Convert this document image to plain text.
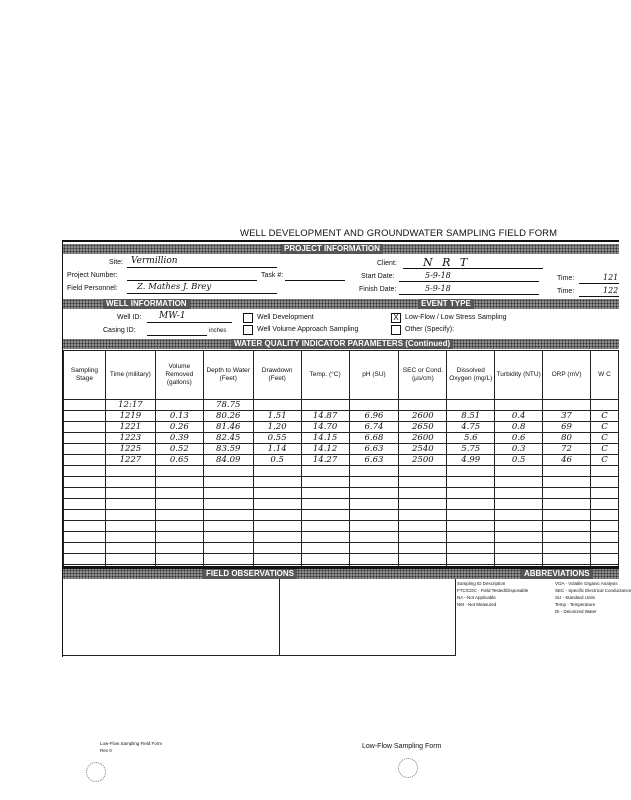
WELL DEVELOPMENT AND GROUNDWATER SAMPLING FIELD FORM
PROJECT INFORMATION
Site: Vermillion	Client: N R T
Project Number:	Task #:	Start Date:	5-9-18	Time:	121
Field Personnel: Z. Mathes J. Brey	Finish Date:	5-9-18	Time:	122
WELL INFORMATION	EVENT TYPE
Well ID: MW-1
Casing ID:	inches
Well Development
Well Volume Approach Sampling
X Low-Flow / Low Stress Sampling
Other (Specify):
WATER QUALITY INDICATOR PARAMETERS (Continued)
Sampling Stage	Time (military)	Volume Removed (gallons)	Depth to Water (Feet)	Drawdown (Feet)	Temp. (°C)	pH (SU)	SEC or Cond. (µs/cm)	Dissolved Oxygen (mg/L)	Turbidity (NTU)	ORP (mV)	W C
	12:17		78.75								
	1219	0.13	80.26	1.51	14.87	6.96	2600	8.51	0.4	37	C
	1221	0.26	81.46	1.20	14.70	6.74	2650	4.75	0.8	69	C
	1223	0.39	82.45	0.55	14.15	6.68	2600	5.6	0.6	80	C
	1225	0.52	83.59	1.14	14.12	6.63	2540	5.75	0.3	72	C
	1227	0.65	84.09	0.5	14.27	6.63	2500	4.99	0.5	46	C

FIELD OBSERVATIONS	ABBREVIATIONS
Sampling ID Description
FTC/CDC - Field Tested/Disposable
NA - Not Applicable
NM - Not Measured
VOA - Volatile Organic Analysis
SEC - Specific Electrical Conductance
SU - Standard Units
Temp - Temperature
DI - Deionized Water
Low-Flow Sampling Field Form
Rev 0
Low-Flow Sampling Form
